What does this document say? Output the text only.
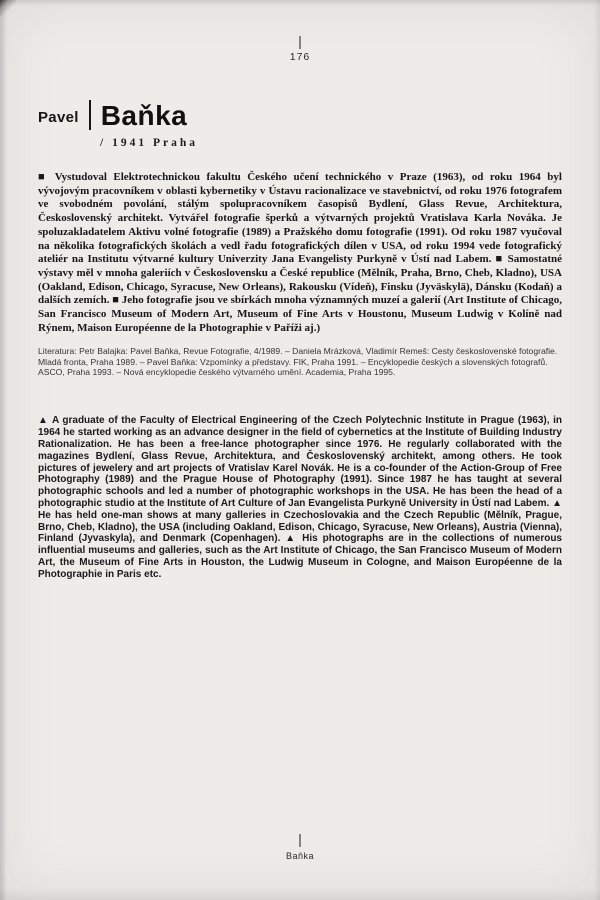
176
Pavel Baňka
/ 1941 Praha

■ Vystudoval Elektrotechnickou fakultu Českého učení technického v Praze (1963), od roku 1964 byl vývojovým pracovníkem v oblasti kybernetiky v Ústavu racionalizace ve stavebnictví, od roku 1976 fotografem ve svobodném povolání, stálým spolupracovníkem časopisů Bydlení, Glass Revue, Architektura, Československý architekt. Vytvářel fotografie šperků a výtvarných projektů Vratislava Karla Nováka. Je spoluzakladatelem Aktivu volné fotografie (1989) a Pražského domu fotografie (1991). Od roku 1987 vyučoval na několika fotografických školách a vedl řadu fotografických dílen v USA, od roku 1994 vede fotografický ateliér na Institutu výtvarné kultury Univerzity Jana Evangelisty Purkyně v Ústí nad Labem. ■ Samostatné výstavy měl v mnoha galeriích v Československu a České republice (Mělník, Praha, Brno, Cheb, Kladno), USA (Oakland, Edison, Chicago, Syracuse, New Orleans), Rakousku (Vídeň), Finsku (Jyväskylä), Dánsku (Kodaň) a dalších zemích. ■ Jeho fotografie jsou ve sbírkách mnoha významných muzeí a galerií (Art Institute of Chicago, San Francisco Museum of Modern Art, Museum of Fine Arts v Houstonu, Museum Ludwig v Kolíně nad Rýnem, Maison Européenne de la Photographie v Paříži aj.)

Literatura: Petr Balajka: Pavel Baňka, Revue Fotografie, 4/1989. – Daniela Mrázková, Vladimír Remeš: Cesty československé fotografie. Mladá fronta, Praha 1989. – Pavel Baňka: Vzpomínky a představy. FIK, Praha 1991. – Encyklopedie českých a slovenských fotografů. ASCO, Praha 1993. – Nová encyklopedie českého výtvarného umění. Academia, Praha 1995.

▲ A graduate of the Faculty of Electrical Engineering of the Czech Polytechnic Institute in Prague (1963), in 1964 he started working as an advance designer in the field of cybernetics at the Institute of Building Industry Rationalization. He has been a free-lance photographer since 1976. He regularly collaborated with the magazines Bydlení, Glass Revue, Architektura, and Československý architekt, among others. He took pictures of jewelery and art projects of Vratislav Karel Novák. He is a co-founder of the Action-Group of Free Photography (1989) and the Prague House of Photography (1991). Since 1987 he has taught at several photographic schools and led a number of photographic workshops in the USA. He has been the head of a photographic studio at the Institute of Art Culture of Jan Evangelista Purkyně University in Ústí nad Labem. ▲ He has held one-man shows at many galleries in Czechoslovakia and the Czech Republic (Mělník, Prague, Brno, Cheb, Kladno), the USA (including Oakland, Edison, Chicago, Syracuse, New Orleans), Austria (Vienna), Finland (Jyvaskyla), and Denmark (Copenhagen). ▲ His photographs are in the collections of numerous influential museums and galleries, such as the Art Institute of Chicago, the San Francisco Museum of Modern Art, the Museum of Fine Arts in Houston, the Ludwig Museum in Cologne, and Maison Européenne de la Photographie in Paris etc.

Baňka
